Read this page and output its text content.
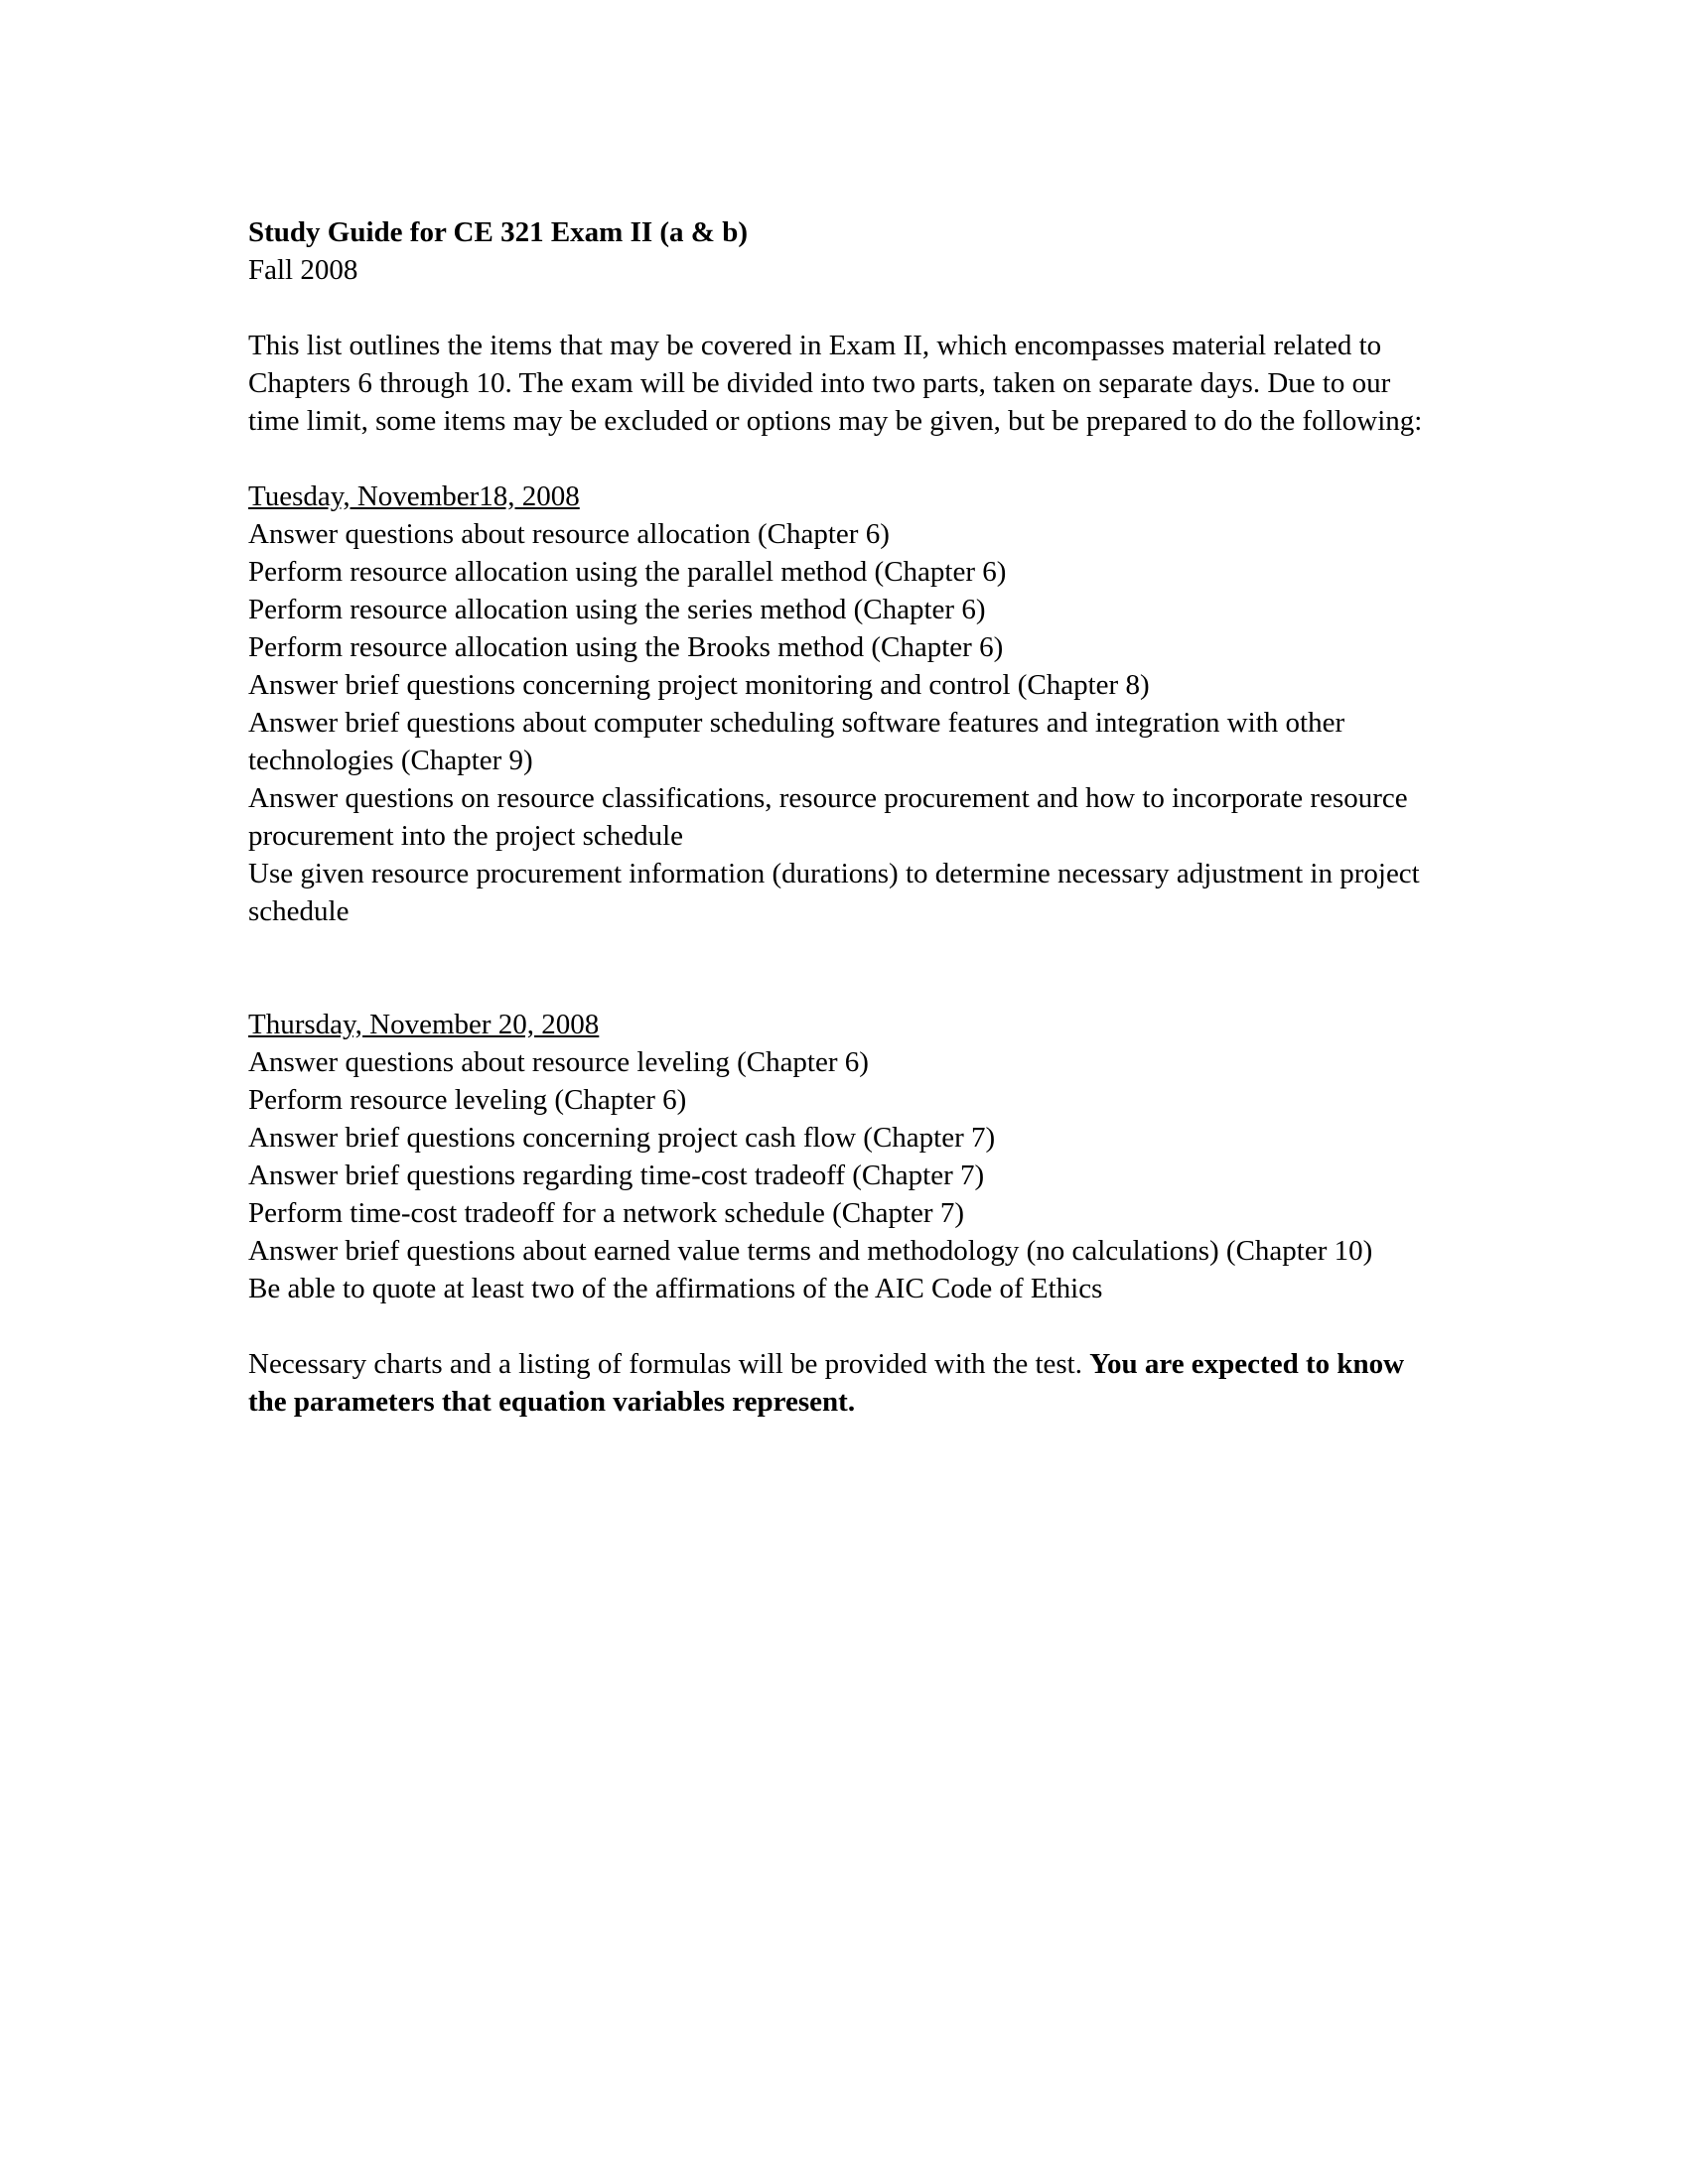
Study Guide for CE 321 Exam II (a & b)

Fall 2008

This list outlines the items that may be covered in Exam II, which encompasses material related to Chapters 6 through 10. The exam will be divided into two parts, taken on separate days. Due to our time limit, some items may be excluded or options may be given, but be prepared to do the following:

Tuesday, November18, 2008

Answer questions about resource allocation (Chapter 6)

Perform resource allocation using the parallel method (Chapter 6)

Perform resource allocation using the series method (Chapter 6)

Perform resource allocation using the Brooks method (Chapter 6)

Answer brief questions concerning project monitoring and control (Chapter 8)

Answer brief questions about computer scheduling software features and integration with other technologies (Chapter 9)

Answer questions on resource classifications, resource procurement and how to incorporate resource procurement into the project schedule

Use given resource procurement information (durations) to determine necessary adjustment in project schedule

Thursday, November 20, 2008

Answer questions about resource leveling (Chapter 6)

Perform resource leveling (Chapter 6)

Answer brief questions concerning project cash flow (Chapter 7)

Answer brief questions regarding time-cost tradeoff (Chapter 7)

Perform time-cost tradeoff for a network schedule (Chapter 7)

Answer brief questions about earned value terms and methodology (no calculations) (Chapter 10)

Be able to quote at least two of the affirmations of the AIC Code of Ethics

Necessary charts and a listing of formulas will be provided with the test. You are expected to know the parameters that equation variables represent.
